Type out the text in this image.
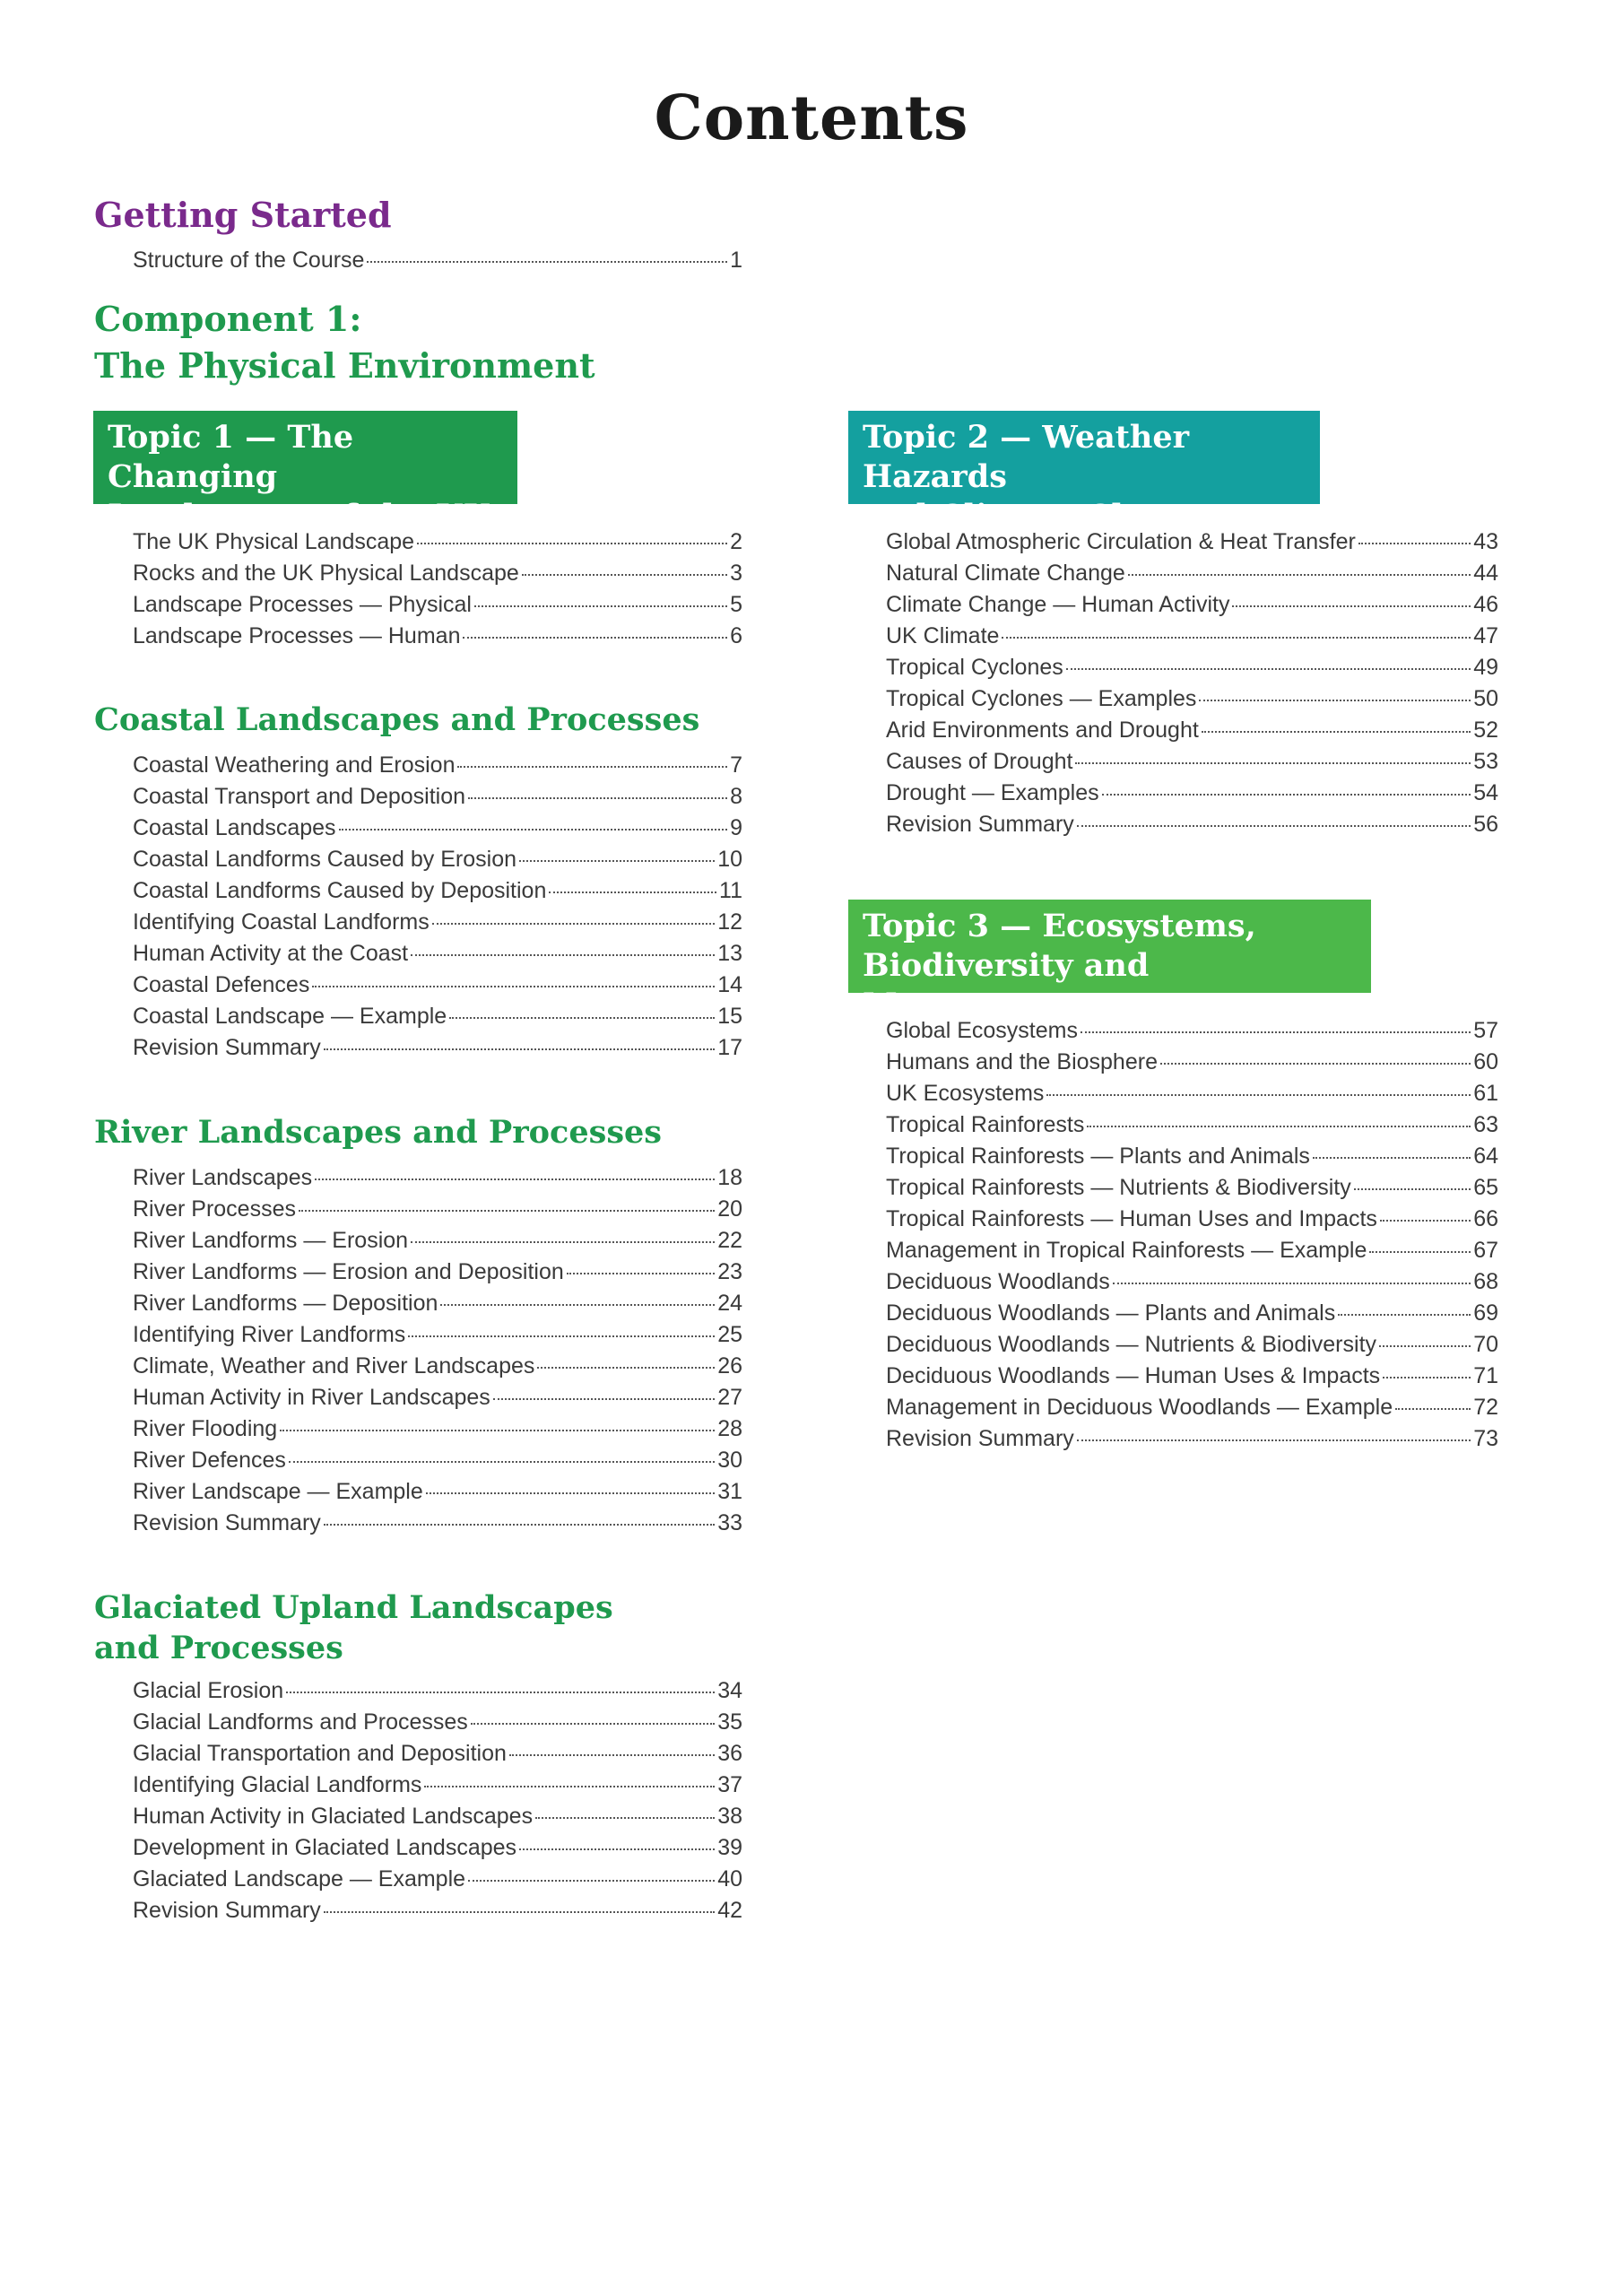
Contents
Getting Started
Structure of the Course	1
Component 1:
The Physical Environment
Topic 1 — The Changing
Landscapes of the UK
The UK Physical Landscape	2
Rocks and the UK Physical Landscape	3
Landscape Processes — Physical	5
Landscape Processes — Human	6
Coastal Landscapes and Processes
Coastal Weathering and Erosion	7
Coastal Transport and Deposition	8
Coastal Landscapes	9
Coastal Landforms Caused by Erosion	10
Coastal Landforms Caused by Deposition	11
Identifying Coastal Landforms	12
Human Activity at the Coast	13
Coastal Defences	14
Coastal Landscape — Example	15
Revision Summary	17
River Landscapes and Processes
River Landscapes	18
River Processes	20
River Landforms — Erosion	22
River Landforms — Erosion and Deposition	23
River Landforms — Deposition	24
Identifying River Landforms	25
Climate, Weather and River Landscapes	26
Human Activity in River Landscapes	27
River Flooding	28
River Defences	30
River Landscape — Example	31
Revision Summary	33
Glaciated Upland Landscapes
and Processes
Glacial Erosion	34
Glacial Landforms and Processes	35
Glacial Transportation and Deposition	36
Identifying Glacial Landforms	37
Human Activity in Glaciated Landscapes	38
Development in Glaciated Landscapes	39
Glaciated Landscape — Example	40
Revision Summary	42
Topic 2 — Weather Hazards
and Climate Change
Global Atmospheric Circulation & Heat Transfer	43
Natural Climate Change	44
Climate Change — Human Activity	46
UK Climate	47
Tropical Cyclones	49
Tropical Cyclones — Examples	50
Arid Environments and Drought	52
Causes of Drought	53
Drought — Examples	54
Revision Summary	56
Topic 3 — Ecosystems,
Biodiversity and Management
Global Ecosystems	57
Humans and the Biosphere	60
UK Ecosystems	61
Tropical Rainforests	63
Tropical Rainforests — Plants and Animals	64
Tropical Rainforests — Nutrients & Biodiversity	65
Tropical Rainforests — Human Uses and Impacts	66
Management in Tropical Rainforests — Example	67
Deciduous Woodlands	68
Deciduous Woodlands — Plants and Animals	69
Deciduous Woodlands — Nutrients & Biodiversity	70
Deciduous Woodlands — Human Uses & Impacts	71
Management in Deciduous Woodlands — Example	72
Revision Summary	73
